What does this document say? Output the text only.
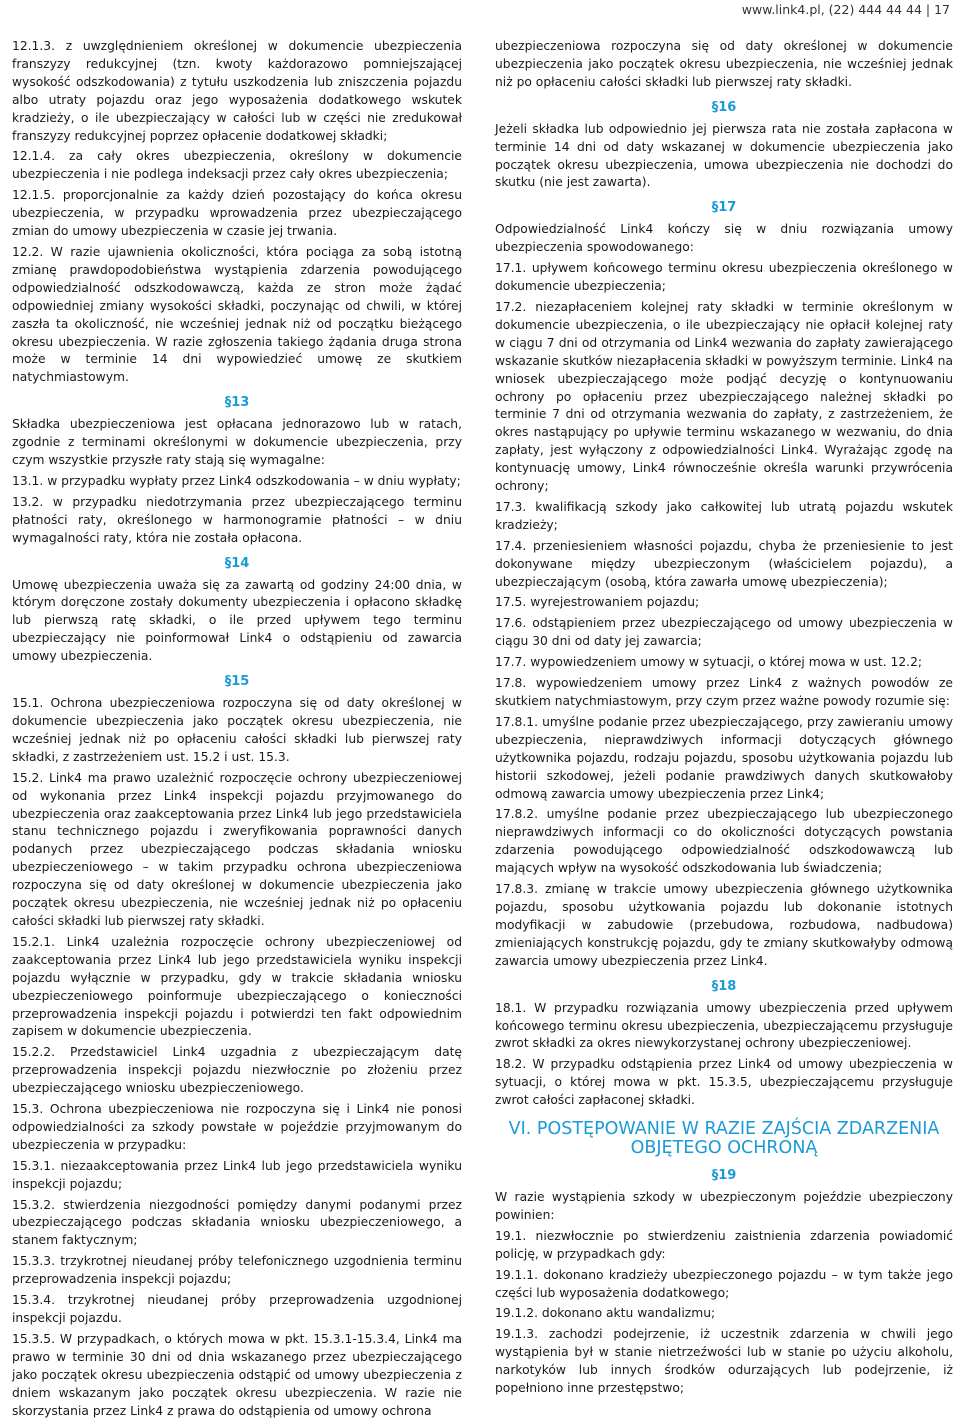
www.link4.pl, (22) 444 44 44 | 17

12.1.3. z uwzględnieniem określonej w dokumencie ubezpieczenia franszyzy redukcyjnej (tzn. kwoty każdorazowo pomniejszającej wysokość odszkodowania) z tytułu uszkodzenia lub zniszczenia pojazdu albo utraty pojazdu oraz jego wyposażenia dodatkowego wskutek kradzieży, o ile ubezpieczający w całości lub w części nie zredukował franszyzy redukcyjnej poprzez opłacenie dodatkowej składki;

12.1.4. za cały okres ubezpieczenia, określony w dokumencie ubezpieczenia i nie podlega indeksacji przez cały okres ubezpieczenia;

12.1.5. proporcjonalnie za każdy dzień pozostający do końca okresu ubezpieczenia, w przypadku wprowadzenia przez ubezpieczającego zmian do umowy ubezpieczenia w czasie jej trwania.

12.2. W razie ujawnienia okoliczności, która pociąga za sobą istotną zmianę prawdopodobieństwa wystąpienia zdarzenia powodującego odpowiedzialność odszkodowawczą, każda ze stron może żądać odpowiedniej zmiany wysokości składki, poczynając od chwili, w której zaszła ta okoliczność, nie wcześniej jednak niż od początku bieżącego okresu ubezpieczenia. W razie zgłoszenia takiego żądania druga strona może w terminie 14 dni wypowiedzieć umowę ze skutkiem natychmiastowym.

§13

Składka ubezpieczeniowa jest opłacana jednorazowo lub w ratach, zgodnie z terminami określonymi w dokumencie ubezpieczenia, przy czym wszystkie przyszłe raty stają się wymagalne:

13.1. w przypadku wypłaty przez Link4 odszkodowania – w dniu wypłaty;

13.2. w przypadku niedotrzymania przez ubezpieczającego terminu płatności raty, określonego w harmonogramie płatności – w dniu wymagalności raty, która nie została opłacona.

§14

Umowę ubezpieczenia uważa się za zawartą od godziny 24:00 dnia, w którym doręczone zostały dokumenty ubezpieczenia i opłacono składkę lub pierwszą ratę składki, o ile przed upływem tego terminu ubezpieczający nie poinformował Link4 o odstąpieniu od zawarcia umowy ubezpieczenia.

§15

15.1. Ochrona ubezpieczeniowa rozpoczyna się od daty określonej w dokumencie ubezpieczenia jako początek okresu ubezpieczenia, nie wcześniej jednak niż po opłaceniu całości składki lub pierwszej raty składki, z zastrzeżeniem ust. 15.2 i ust. 15.3.

15.2. Link4 ma prawo uzależnić rozpoczęcie ochrony ubezpieczeniowej od wykonania przez Link4 inspekcji pojazdu przyjmowanego do ubezpieczenia oraz zaakceptowania przez Link4 lub jego przedstawiciela stanu technicznego pojazdu i zweryfikowania poprawności danych podanych przez ubezpieczającego podczas składania wniosku ubezpieczeniowego – w takim przypadku ochrona ubezpieczeniowa rozpoczyna się od daty określonej w dokumencie ubezpieczenia jako początek okresu ubezpieczenia, nie wcześniej jednak niż po opłaceniu całości składki lub pierwszej raty składki.

15.2.1. Link4 uzależnia rozpoczęcie ochrony ubezpieczeniowej od zaakceptowania przez Link4 lub jego przedstawiciela wyniku inspekcji pojazdu wyłącznie w przypadku, gdy w trakcie składania wniosku ubezpieczeniowego poinformuje ubezpieczającego o konieczności przeprowadzenia inspekcji pojazdu i potwierdzi ten fakt odpowiednim zapisem w dokumencie ubezpieczenia.

15.2.2. Przedstawiciel Link4 uzgadnia z ubezpieczającym datę przeprowadzenia inspekcji pojazdu niezwłocznie po złożeniu przez ubezpieczającego wniosku ubezpieczeniowego.

15.3. Ochrona ubezpieczeniowa nie rozpoczyna się i Link4 nie ponosi odpowiedzialności za szkody powstałe w pojeździe przyjmowanym do ubezpieczenia w przypadku:

15.3.1. niezaakceptowania przez Link4 lub jego przedstawiciela wyniku inspekcji pojazdu;

15.3.2. stwierdzenia niezgodności pomiędzy danymi podanymi przez ubezpieczającego podczas składania wniosku ubezpieczeniowego, a stanem faktycznym;

15.3.3. trzykrotnej nieudanej próby telefonicznego uzgodnienia terminu przeprowadzenia inspekcji pojazdu;

15.3.4. trzykrotnej nieudanej próby przeprowadzenia uzgodnionej inspekcji pojazdu.

15.3.5. W przypadkach, o których mowa w pkt. 15.3.1-15.3.4, Link4 ma prawo w terminie 30 dni od dnia wskazanego przez ubezpieczającego jako początek okresu ubezpieczenia odstąpić od umowy ubezpieczenia z dniem wskazanym jako początek okresu ubezpieczenia. W razie nie skorzystania przez Link4 z prawa do odstąpienia od umowy ochrona

ubezpieczeniowa rozpoczyna się od daty określonej w dokumencie ubezpieczenia jako początek okresu ubezpieczenia, nie wcześniej jednak niż po opłaceniu całości składki lub pierwszej raty składki.

§16

Jeżeli składka lub odpowiednio jej pierwsza rata nie została zapłacona w terminie 14 dni od daty wskazanej w dokumencie ubezpieczenia jako początek okresu ubezpieczenia, umowa ubezpieczenia nie dochodzi do skutku (nie jest zawarta).

§17

Odpowiedzialność Link4 kończy się w dniu rozwiązania umowy ubezpieczenia spowodowanego:

17.1. upływem końcowego terminu okresu ubezpieczenia określonego w dokumencie ubezpieczenia;

17.2. niezapłaceniem kolejnej raty składki w terminie określonym w dokumencie ubezpieczenia, o ile ubezpieczający nie opłacił kolejnej raty w ciągu 7 dni od otrzymania od Link4 wezwania do zapłaty zawierającego wskazanie skutków niezapłacenia składki w powyższym terminie. Link4 na wniosek ubezpieczającego może podjąć decyzję o kontynuowaniu ochrony po opłaceniu przez ubezpieczającego należnej składki po terminie 7 dni od otrzymania wezwania do zapłaty, z zastrzeżeniem, że okres nastąpujący po upływie terminu wskazanego w wezwaniu, do dnia zapłaty, jest wyłączony z odpowiedzialności Link4. Wyrażając zgodę na kontynuację umowy, Link4 równocześnie określa warunki przywrócenia ochrony;

17.3. kwalifikacją szkody jako całkowitej lub utratą pojazdu wskutek kradzieży;

17.4. przeniesieniem własności pojazdu, chyba że przeniesienie to jest dokonywane między ubezpieczonym (właścicielem pojazdu), a ubezpieczającym (osobą, która zawarła umowę ubezpieczenia);

17.5. wyrejestrowaniem pojazdu;

17.6. odstąpieniem przez ubezpieczającego od umowy ubezpieczenia w ciągu 30 dni od daty jej zawarcia;

17.7. wypowiedzeniem umowy w sytuacji, o której mowa w ust. 12.2;

17.8. wypowiedzeniem umowy przez Link4 z ważnych powodów ze skutkiem natychmiastowym, przy czym przez ważne powody rozumie się:

17.8.1. umyślne podanie przez ubezpieczającego, przy zawieraniu umowy ubezpieczenia, nieprawdziwych informacji dotyczących głównego użytkownika pojazdu, rodzaju pojazdu, sposobu użytkowania pojazdu lub historii szkodowej, jeżeli podanie prawdziwych danych skutkowałoby odmową zawarcia umowy ubezpieczenia przez Link4;

17.8.2. umyślne podanie przez ubezpieczającego lub ubezpieczonego nieprawdziwych informacji co do okoliczności dotyczących powstania zdarzenia powodującego odpowiedzialność odszkodowawczą lub mających wpływ na wysokość odszkodowania lub świadczenia;

17.8.3. zmianę w trakcie umowy ubezpieczenia głównego użytkownika pojazdu, sposobu użytkowania pojazdu lub dokonanie istotnych modyfikacji w zabudowie (przebudowa, rozbudowa, nadbudowa) zmieniających konstrukcję pojazdu, gdy te zmiany skutkowałyby odmową zawarcia umowy ubezpieczenia przez Link4.

§18

18.1. W przypadku rozwiązania umowy ubezpieczenia przed upływem końcowego terminu okresu ubezpieczenia, ubezpieczającemu przysługuje zwrot składki za okres niewykorzystanej ochrony ubezpieczeniowej.

18.2. W przypadku odstąpienia przez Link4 od umowy ubezpieczenia w sytuacji, o której mowa w pkt. 15.3.5, ubezpieczającemu przysługuje zwrot całości zapłaconej składki.

VI. POSTĘPOWANIE W RAZIE ZAJŚCIA ZDARZENIA OBJĘTEGO OCHRONĄ
§19

W razie wystąpienia szkody w ubezpieczonym pojeździe ubezpieczony powinien:

19.1. niezwłocznie po stwierdzeniu zaistnienia zdarzenia powiadomić policję, w przypadkach gdy:

19.1.1. dokonano kradzieży ubezpieczonego pojazdu – w tym także jego części lub wyposażenia dodatkowego;

19.1.2. dokonano aktu wandalizmu;

19.1.3. zachodzi podejrzenie, iż uczestnik zdarzenia w chwili jego wystąpienia był w stanie nietrzeźwości lub w stanie po użyciu alkoholu, narkotyków lub innych środków odurzających lub podejrzenie, iż popełniono inne przestępstwo;
